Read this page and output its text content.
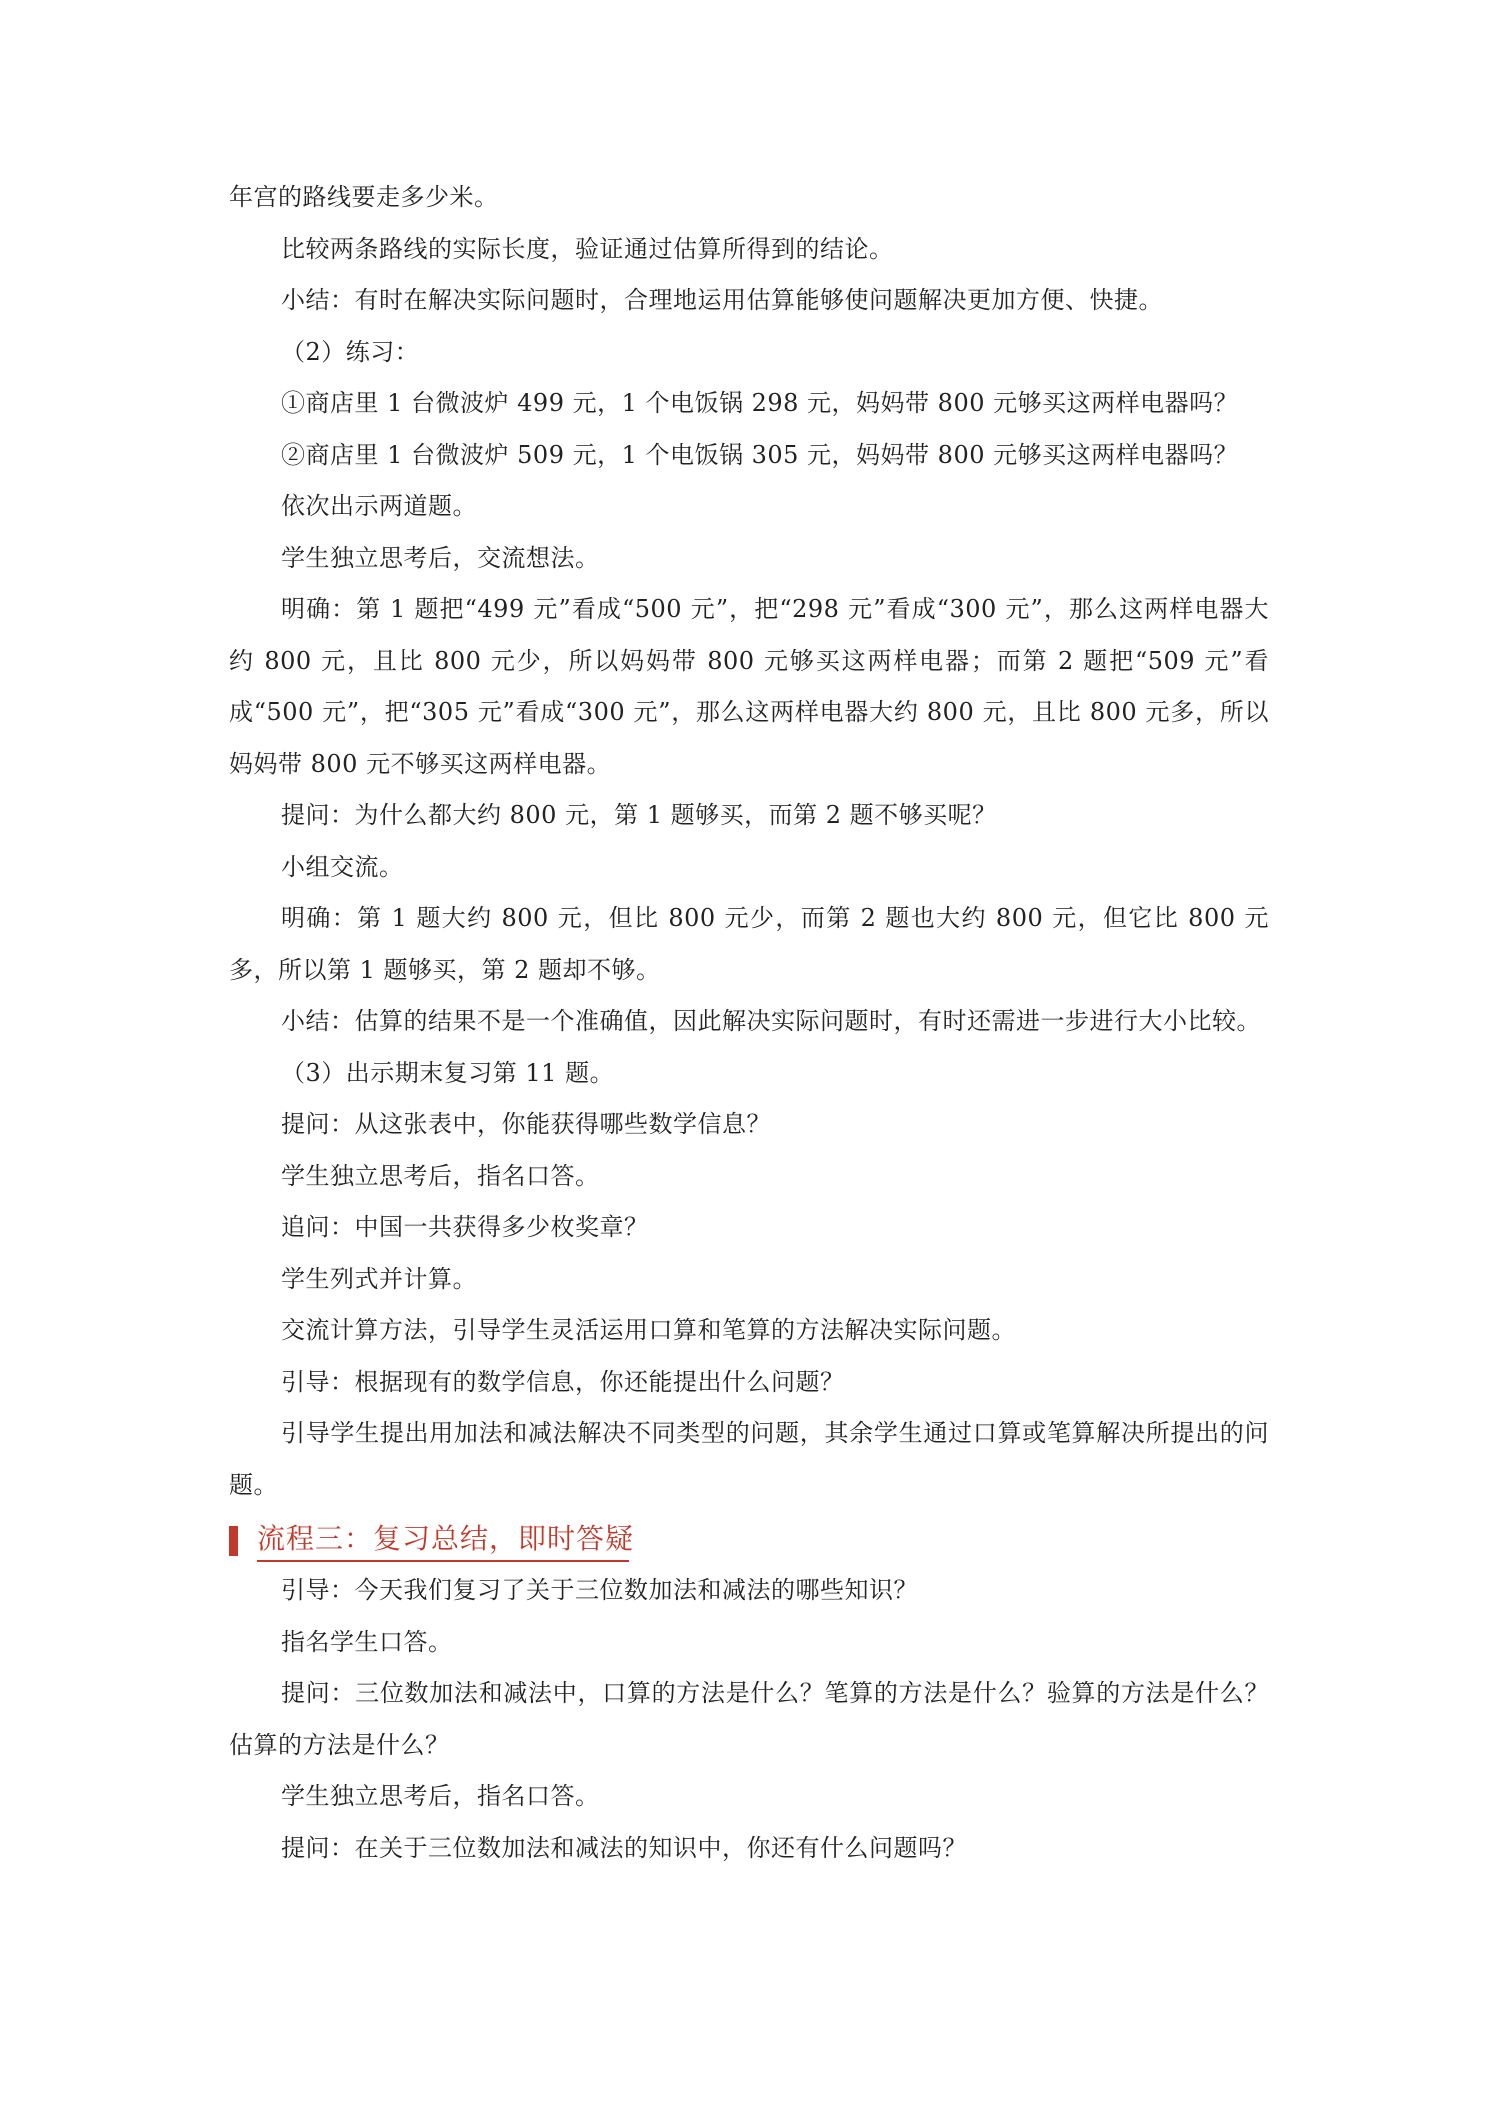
年宫的路线要走多少米。

比较两条路线的实际长度，验证通过估算所得到的结论。

小结：有时在解决实际问题时，合理地运用估算能够使问题解决更加方便、快捷。

（2）练习：

①商店里 1 台微波炉 499 元，1 个电饭锅 298 元，妈妈带 800 元够买这两样电器吗？

②商店里 1 台微波炉 509 元，1 个电饭锅 305 元，妈妈带 800 元够买这两样电器吗？

依次出示两道题。

学生独立思考后，交流想法。

明确：第 1 题把“499 元”看成“500 元”，把“298 元”看成“300 元”，那么这两样电器大约 800 元，且比 800 元少，所以妈妈带 800 元够买这两样电器；而第 2 题把“509 元”看成“500 元”，把“305 元”看成“300 元”，那么这两样电器大约 800 元，且比 800 元多，所以妈妈带 800 元不够买这两样电器。

提问：为什么都大约 800 元，第 1 题够买，而第 2 题不够买呢？

小组交流。

明确：第 1 题大约 800 元，但比 800 元少，而第 2 题也大约 800 元，但它比 800 元多，所以第 1 题够买，第 2 题却不够。

小结：估算的结果不是一个准确值，因此解决实际问题时，有时还需进一步进行大小比较。

（3）出示期末复习第 11 题。

提问：从这张表中，你能获得哪些数学信息？

学生独立思考后，指名口答。

追问：中国一共获得多少枚奖章？

学生列式并计算。

交流计算方法，引导学生灵活运用口算和笔算的方法解决实际问题。

引导：根据现有的数学信息，你还能提出什么问题？

引导学生提出用加法和减法解决不同类型的问题，其余学生通过口算或笔算解决所提出的问题。

流程三：复习总结，即时答疑

引导：今天我们复习了关于三位数加法和减法的哪些知识？

指名学生口答。

提问：三位数加法和减法中，口算的方法是什么？笔算的方法是什么？验算的方法是什么？估算的方法是什么？

学生独立思考后，指名口答。

提问：在关于三位数加法和减法的知识中，你还有什么问题吗？
